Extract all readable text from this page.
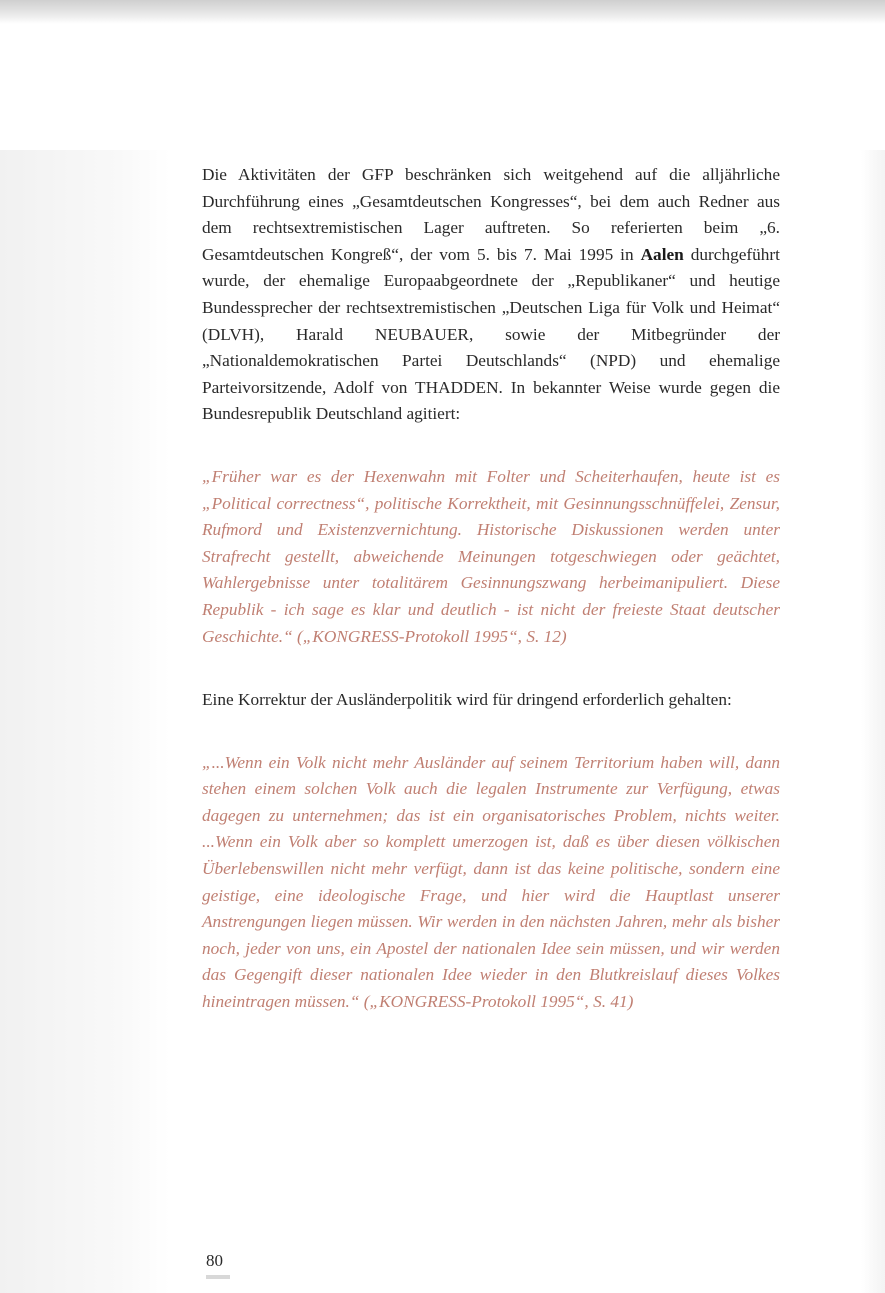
Die Aktivitäten der GFP beschränken sich weitgehend auf die alljährliche Durchführung eines „Gesamtdeutschen Kongresses“, bei dem auch Redner aus dem rechtsextremistischen Lager auftreten. So referierten beim „6. Gesamtdeutschen Kongreß“, der vom 5. bis 7. Mai 1995 in Aalen durchgeführt wurde, der ehemalige Europaabgeordnete der „Republikaner“ und heutige Bundessprecher der rechtsextremistischen „Deutschen Liga für Volk und Heimat“ (DLVH), Harald NEUBAUER, sowie der Mitbegründer der „Nationaldemokratischen Partei Deutschlands“ (NPD) und ehemalige Parteivorsitzende, Adolf von THADDEN. In bekannter Weise wurde gegen die Bundesrepublik Deutschland agitiert:

„Früher war es der Hexenwahn mit Folter und Scheiterhaufen, heute ist es „Political correctness“, politische Korrektheit, mit Gesinnungsschnüffelei, Zensur, Rufmord und Existenzvernichtung. Historische Diskussionen werden unter Strafrecht gestellt, abweichende Meinungen totgeschwiegen oder geächtet, Wahlergebnisse unter totalitärem Gesinnungszwang herbeimanipuliert. Diese Republik - ich sage es klar und deutlich - ist nicht der freieste Staat deutscher Geschichte.“ („KONGRESS-Protokoll 1995“, S. 12)

Eine Korrektur der Ausländerpolitik wird für dringend erforderlich gehalten:

„...Wenn ein Volk nicht mehr Ausländer auf seinem Territorium haben will, dann stehen einem solchen Volk auch die legalen Instrumente zur Verfügung, etwas dagegen zu unternehmen; das ist ein organisatorisches Problem, nichts weiter. ...Wenn ein Volk aber so komplett umerzogen ist, daß es über diesen völkischen Überlebenswillen nicht mehr verfügt, dann ist das keine politische, sondern eine geistige, eine ideologische Frage, und hier wird die Hauptlast unserer Anstrengungen liegen müssen. Wir werden in den nächsten Jahren, mehr als bisher noch, jeder von uns, ein Apostel der nationalen Idee sein müssen, und wir werden das Gegengift dieser nationalen Idee wieder in den Blutkreislauf dieses Volkes hineintragen müssen.“ („KONGRESS-Protokoll 1995“, S. 41)

80
